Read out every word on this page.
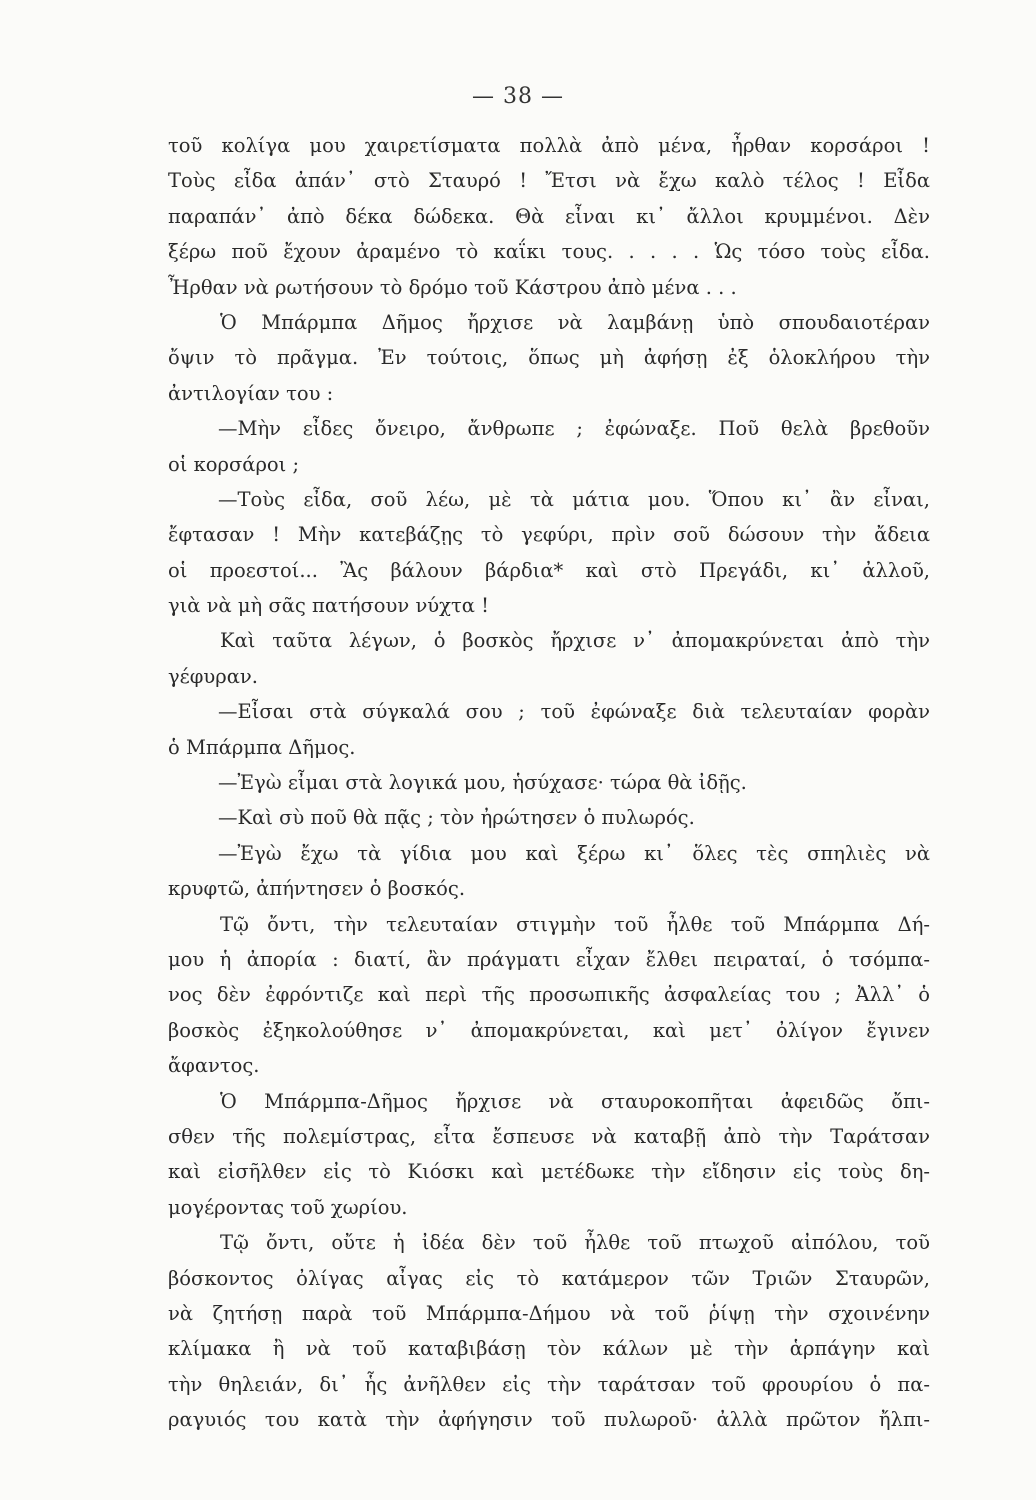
— 38 —
τοῦ κολίγα μου χαιρετίσματα πολλὰ ἀπὸ μένα, ἦρθαν κορσάροι !
Τοὺς εἶδα ἀπάν᾿ στὸ Σταυρό ! Ἔτσι νὰ ἔχω καλὸ τέλος ! Εἶδα
παραπάν᾿ ἀπὸ δέκα δώδεκα. Θὰ εἶναι κι᾿ ἄλλοι κρυμμένοι. Δὲν
ξέρω ποῦ ἔχουν ἀραμένο τὸ καΐκι τους. . . . . Ὡς τόσο τοὺς εἶδα.
Ἦρθαν νὰ ρωτήσουν τὸ δρόμο τοῦ Κάστρου ἀπὸ μένα . . .
Ὁ Μπάρμπα Δῆμος ἤρχισε νὰ λαμβάνῃ ὑπὸ σπουδαιοτέραν
ὄψιν τὸ πρᾶγμα. Ἐν τούτοις, ὅπως μὴ ἀφήσῃ ἐξ ὁλοκλήρου τὴν
ἀντιλογίαν του :
—Μὴν εἶδες ὄνειρο, ἄνθρωπε ; ἐφώναξε. Ποῦ θελὰ βρεθοῦν
οἱ κορσάροι ;
—Τοὺς εἶδα, σοῦ λέω, μὲ τὰ μάτια μου. Ὅπου κι᾿ ἂν εἶναι,
ἔφτασαν ! Μὴν κατεβάζῃς τὸ γεφύρι, πρὶν σοῦ δώσουν τὴν ἄδεια
οἱ προεστοί... Ἂς βάλουν βάρδια* καὶ στὸ Πρεγάδι, κι᾿ ἀλλοῦ,
γιὰ νὰ μὴ σᾶς πατήσουν νύχτα !
Καὶ ταῦτα λέγων, ὁ βοσκὸς ἤρχισε ν᾿ ἀπομακρύνεται ἀπὸ τὴν
γέφυραν.
—Εἶσαι στὰ σύγκαλά σου ; τοῦ ἐφώναξε διὰ τελευταίαν φορὰν
ὁ Μπάρμπα Δῆμος.
—Ἐγὼ εἶμαι στὰ λογικά μου, ἡσύχασε· τώρα θὰ ἰδῇς.
—Καὶ σὺ ποῦ θὰ πᾷς ; τὸν ἠρώτησεν ὁ πυλωρός.
—Ἐγὼ ἔχω τὰ γίδια μου καὶ ξέρω κι᾿ ὅλες τὲς σπηλιὲς νὰ
κρυφτῶ, ἀπήντησεν ὁ βοσκός.
Τῷ ὄντι, τὴν τελευταίαν στιγμὴν τοῦ ἦλθε τοῦ Μπάρμπα Δή-
μου ἡ ἀπορία : διατί, ἂν πράγματι εἶχαν ἔλθει πειραταί, ὁ τσόμπα-
νος δὲν ἐφρόντιζε καὶ περὶ τῆς προσωπικῆς ἀσφαλείας του ; Ἀλλ᾿ ὁ
βοσκὸς ἐξηκολούθησε ν᾿ ἀπομακρύνεται, καὶ μετ᾿ ὀλίγον ἔγινεν
ἄφαντος.
Ὁ Μπάρμπα-Δῆμος ἤρχισε νὰ σταυροκοπῆται ἀφειδῶς ὄπι-
σθεν τῆς πολεμίστρας, εἶτα ἔσπευσε νὰ καταβῇ ἀπὸ τὴν Ταράτσαν
καὶ εἰσῆλθεν εἰς τὸ Κιόσκι καὶ μετέδωκε τὴν εἴδησιν εἰς τοὺς δη-
μογέροντας τοῦ χωρίου.
Τῷ ὄντι, οὔτε ἡ ἰδέα δὲν τοῦ ἦλθε τοῦ πτωχοῦ αἰπόλου, τοῦ
βόσκοντος ὀλίγας αἶγας εἰς τὸ κατάμερον τῶν Τριῶν Σταυρῶν,
νὰ ζητήσῃ παρὰ τοῦ Μπάρμπα-Δήμου νὰ τοῦ ῥίψῃ τὴν σχοινένην
κλίμακα ἢ νὰ τοῦ καταβιβάσῃ τὸν κάλων μὲ τὴν ἁρπάγην καὶ
τὴν θηλειάν, δι᾿ ἧς ἀνῆλθεν εἰς τὴν ταράτσαν τοῦ φρουρίου ὁ πα-
ραγυιός του κατὰ τὴν ἀφήγησιν τοῦ πυλωροῦ· ἀλλὰ πρῶτον ἤλπι-
